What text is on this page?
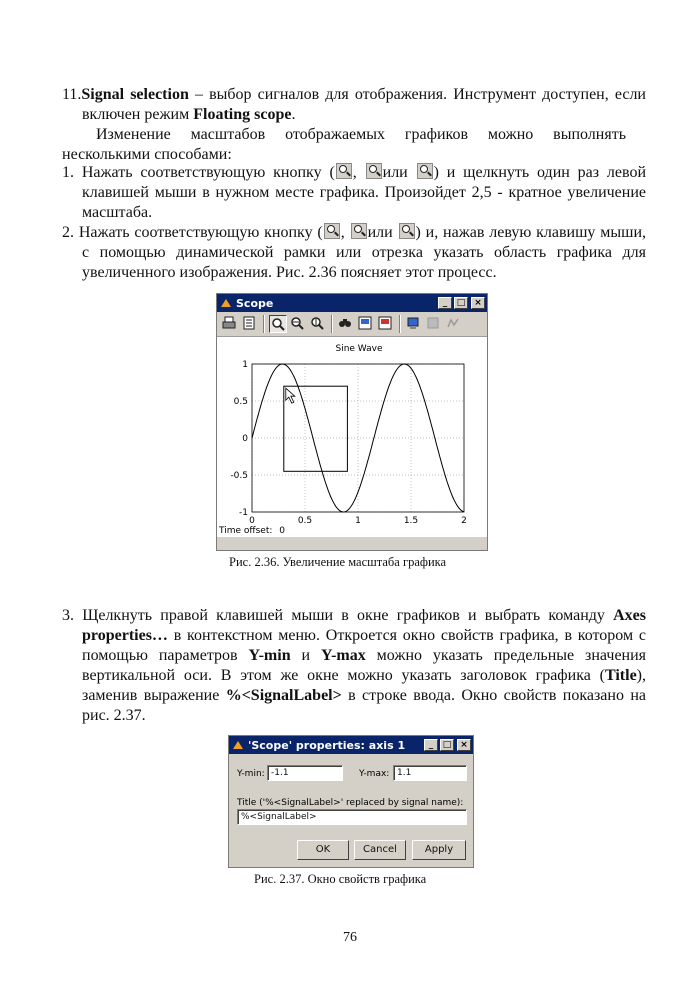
11.Signal selection – выбор сигналов для отображения. Инструмент доступен, если включен режим Floating scope.
Изменение масштабов отображаемых графиков можно выполнять несколькими способами:
1. Нажать соответствующую кнопку ( ,
или
) и щелкнуть один раз левой клавишей мыши в нужном месте графика. Произойдет 2,5 - кратное увеличение масштаба.
2. Нажать соответствующую кнопку ( ,
или
) и, нажав левую клавишу мыши, с помощью динамической рамки или отрезка указать область графика для увеличенного изображения. Рис. 2.36 поясняет этот процесс.
Scope	_	□ ×
Sine Wave
0	0.5	1	1.5	2
1
0.5
0
-0.5
-1
Time offset: 0
Рис. 2.36. Увеличение масштаба графика
3. Щелкнуть правой клавишей мыши в окне графиков и выбрать команду Axes properties… в контекстном меню. Откроется окно свойств графика, в котором с помощью параметров Y-min и Y-max можно указать предельные значения вертикальной оси. В этом же окне можно указать заголовок графика (Title), заменив выражение %<SignalLabel> в строке ввода. Окно свойств показано на рис. 2.37.
'Scope' properties: axis 1	_	□ ×
Y-min: -1.1	Y-max: 1.1
Title ('%<SignalLabel>' replaced by signal name):
%<SignalLabel>
OK	Cancel	Apply
Рис. 2.37. Окно свойств графика
76
